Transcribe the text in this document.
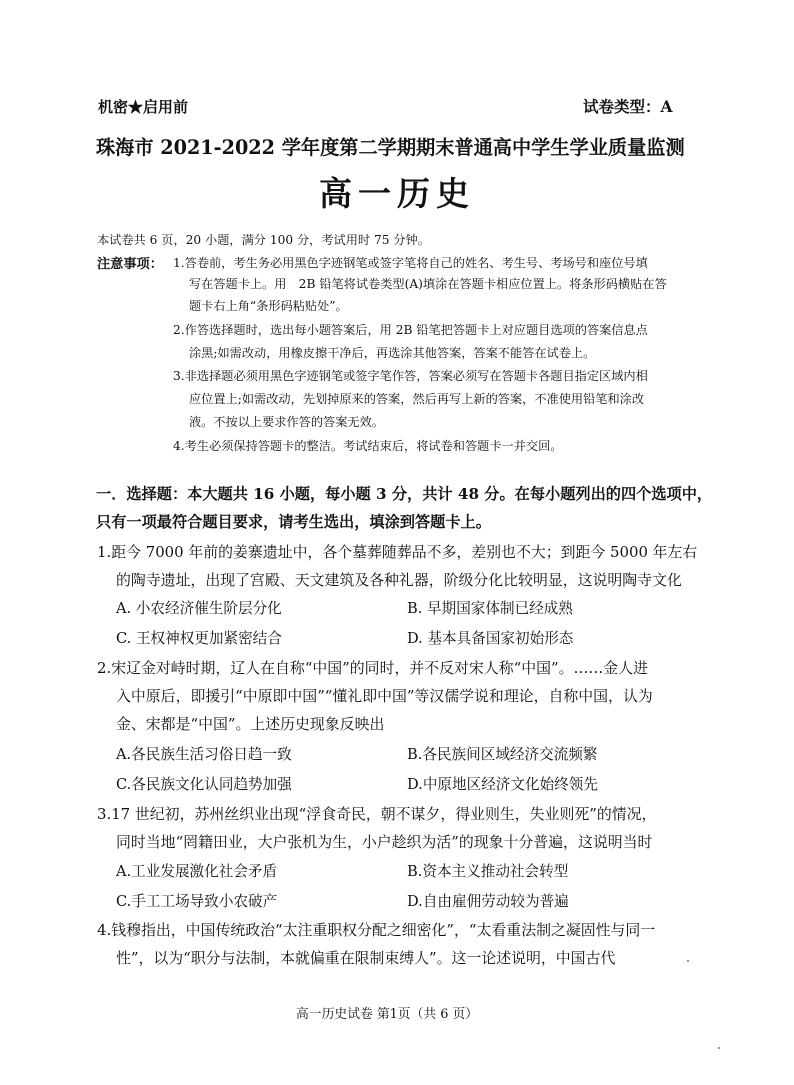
机密★启用前	试卷类型：A
珠海市 2021-2022 学年度第二学期期末普通高中学生学业质量监测
高一历史
本试卷共 6 页，20 小题，满分 100 分，考试用时 75 分钟。
注意事项： 1.答卷前，考生务必用黑色字迹钢笔或签字笔将自己的姓名、考生号、考场号和座位号填
写在答题卡上。用　2B 铅笔将试卷类型(A)填涂在答题卡相应位置上。将条形码横贴在答
题卡右上角“条形码粘贴处”。
2.作答选择题时，选出每小题答案后，用 2B 铅笔把答题卡上对应题目选项的答案信息点
涂黑;如需改动，用橡皮擦干净后，再选涂其他答案，答案不能答在试卷上。
3.非选择题必须用黑色字迹钢笔或签字笔作答，答案必须写在答题卡各题目指定区域内相
应位置上;如需改动，先划掉原来的答案，然后再写上新的答案，不准使用铅笔和涂改
液。不按以上要求作答的答案无效。
4.考生必须保持答题卡的整洁。考试结束后，将试卷和答题卡一并交回。
一．选择题：本大题共 16 小题，每小题 3 分，共计 48 分。在每小题列出的四个选项中，
只有一项最符合题目要求，请考生选出，填涂到答题卡上。
1.距今 7000 年前的姜寨遗址中，各个墓葬随葬品不多，差别也不大；到距今 5000 年左右
的陶寺遗址，出现了宫殿、天文建筑及各种礼器，阶级分化比较明显，这说明陶寺文化
A. 小农经济催生阶层分化	B. 早期国家体制已经成熟
C. 王权神权更加紧密结合	D. 基本具备国家初始形态
2.宋辽金对峙时期，辽人在自称“中国”的同时，并不反对宋人称“中国”。……金人进
入中原后，即援引“中原即中国”“懂礼即中国”等汉儒学说和理论，自称中国，认为
金、宋都是“中国”。上述历史现象反映出
A.各民族生活习俗日趋一致	B.各民族间区域经济交流频繁
C.各民族文化认同趋势加强	D.中原地区经济文化始终领先
3.17 世纪初，苏州丝织业出现“浮食奇民，朝不谋夕，得业则生，失业则死”的情况，
同时当地“罔籍田业，大户张机为生，小户趁织为活”的现象十分普遍，这说明当时
A.工业发展激化社会矛盾	B.资本主义推动社会转型
C.手工工场导致小农破产	D.自由雇佣劳动较为普遍
4.钱穆指出，中国传统政治“太注重职权分配之细密化”，“太看重法制之凝固性与同一
性”，以为“职分与法制，本就偏重在限制束缚人”。这一论述说明，中国古代
高一历史试卷 第1页（共 6 页）
